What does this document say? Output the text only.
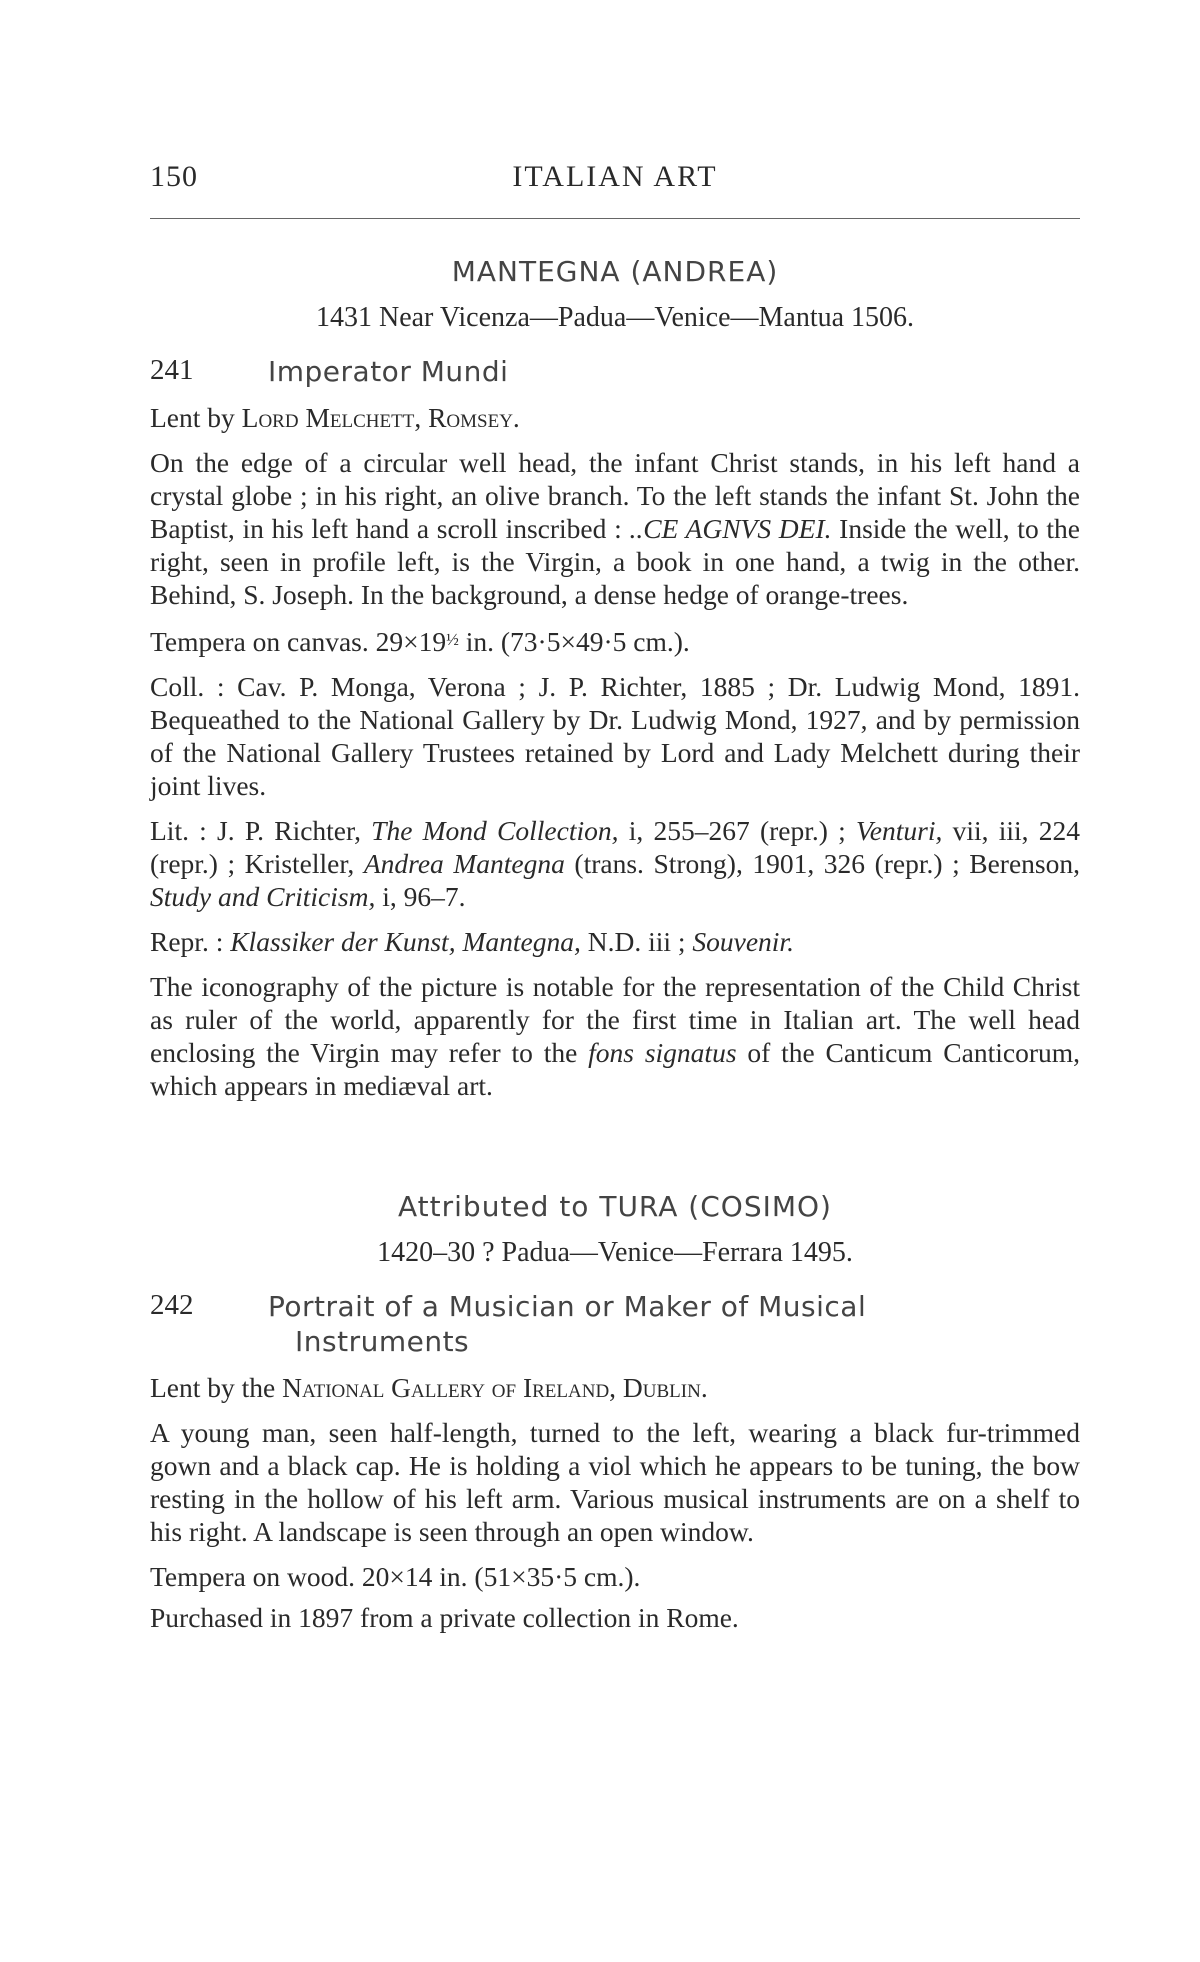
150	ITALIAN ART
MANTEGNA (ANDREA)
1431 Near Vicenza—Padua—Venice—Mantua 1506.
241	Imperator Mundi

Lent by Lord Melchett, Romsey.

On the edge of a circular well head, the infant Christ stands, in his left hand a crystal globe ; in his right, an olive branch. To the left stands the infant St. John the Baptist, in his left hand a scroll inscribed : ..CE AGNVS DEI. Inside the well, to the right, seen in profile left, is the Virgin, a book in one hand, a twig in the other. Behind, S. Joseph. In the background, a dense hedge of orange-trees.

Tempera on canvas. $29\times 19^{\frac{1}{2}}$ in. (73·5×49·5 cm.).

Coll. : Cav. P. Monga, Verona ; J. P. Richter, 1885 ; Dr. Ludwig Mond, 1891. Bequeathed to the National Gallery by Dr. Ludwig Mond, 1927, and by permission of the National Gallery Trustees retained by Lord and Lady Melchett during their joint lives.

Lit. : J. P. Richter, The Mond Collection, i, 255–267 (repr.) ; Venturi, vii, iii, 224 (repr.) ; Kristeller, Andrea Mantegna (trans. Strong), 1901, 326 (repr.) ; Berenson, Study and Criticism, i, 96–7.

Repr. : Klassiker der Kunst, Mantegna, N.D. iii ; Souvenir.

The iconography of the picture is notable for the representation of the Child Christ as ruler of the world, apparently for the first time in Italian art. The well head enclosing the Virgin may refer to the fons signatus of the Canticum Canticorum, which appears in mediæval art.

Attributed to TURA (COSIMO)
1420–30 ? Padua—Venice—Ferrara 1495.
242	Portrait of a Musician or Maker of Musical
Instruments

Lent by the National Gallery of Ireland, Dublin.

A young man, seen half-length, turned to the left, wearing a black fur-trimmed gown and a black cap. He is holding a viol which he appears to be tuning, the bow resting in the hollow of his left arm. Various musical instruments are on a shelf to his right. A landscape is seen through an open window.

Tempera on wood. 20×14 in. (51×35·5 cm.).

Purchased in 1897 from a private collection in Rome.
